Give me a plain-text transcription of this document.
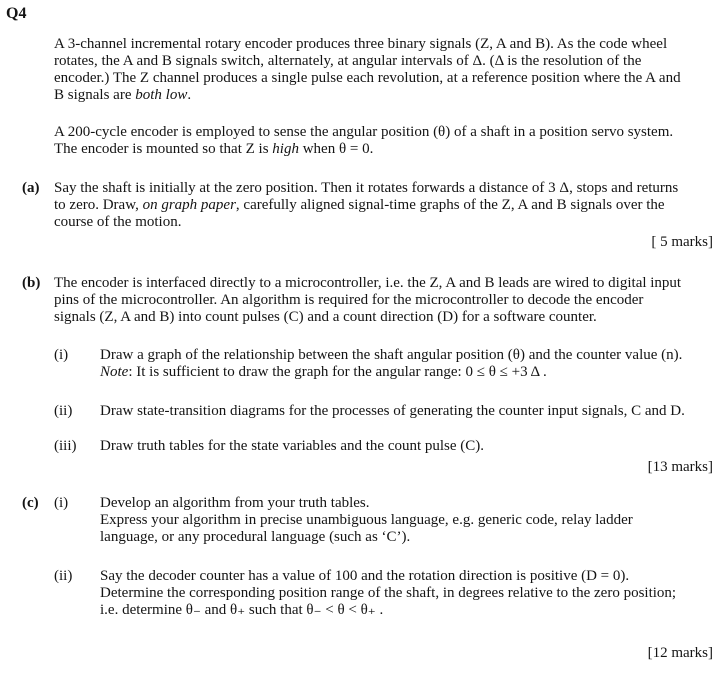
Q4
A 3-channel incremental rotary encoder produces three binary signals (Z, A and B). As the code wheel
rotates, the A and B signals switch, alternately, at angular intervals of Δ. (Δ is the resolution of the
encoder.) The Z channel produces a single pulse each revolution, at a reference position where the A and
B signals are both low.
A 200-cycle encoder is employed to sense the angular position (θ) of a shaft in a position servo system.
The encoder is mounted so that Z is high when θ = 0.
(a) Say the shaft is initially at the zero position. Then it rotates forwards a distance of 3 Δ, stops and returns
to zero. Draw, on graph paper, carefully aligned signal-time graphs of the Z, A and B signals over the
course of the motion.
[ 5 marks]
(b) The encoder is interfaced directly to a microcontroller, i.e. the Z, A and B leads are wired to digital input
pins of the microcontroller. An algorithm is required for the microcontroller to decode the encoder
signals (Z, A and B) into count pulses (C) and a count direction (D) for a software counter.
(i) Draw a graph of the relationship between the shaft angular position (θ) and the counter value (n).
Note: It is sufficient to draw the graph for the angular range: 0 ≤ θ ≤ +3 Δ .
(ii) Draw state-transition diagrams for the processes of generating the counter input signals, C and D.
(iii) Draw truth tables for the state variables and the count pulse (C).
[13 marks]
(c) (i) Develop an algorithm from your truth tables.
Express your algorithm in precise unambiguous language, e.g. generic code, relay ladder
language, or any procedural language (such as ‘C’).
(ii) Say the decoder counter has a value of 100 and the rotation direction is positive (D = 0).
Determine the corresponding position range of the shaft, in degrees relative to the zero position;
i.e. determine θ₋ and θ₊ such that θ₋ < θ < θ₊ .
[12 marks]
